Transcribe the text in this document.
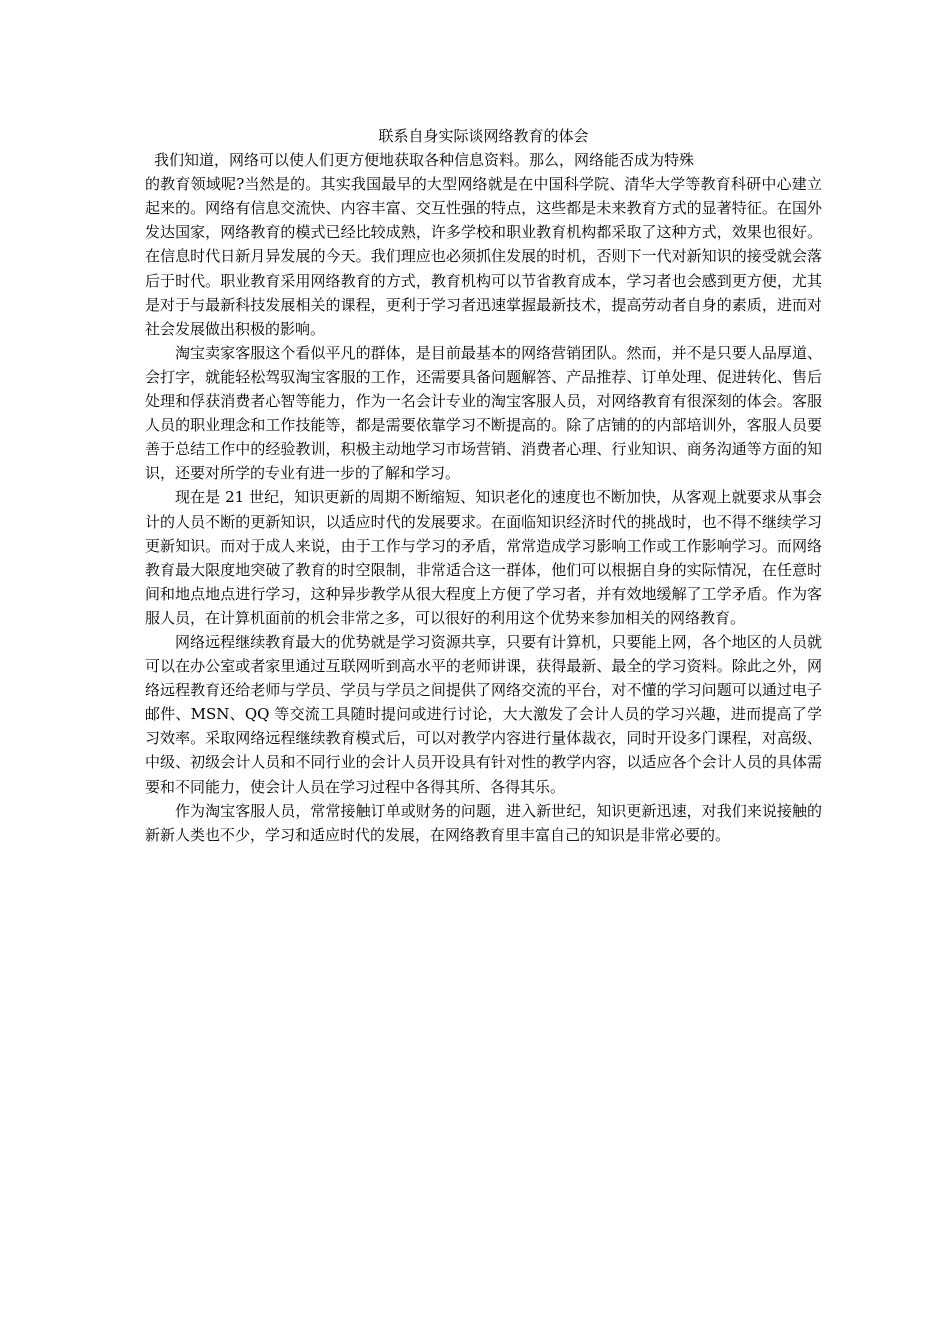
联系自身实际谈网络教育的体会

我们知道，网络可以使人们更方便地获取各种信息资料。那么，网络能否成为特殊
的教育领域呢?当然是的。其实我国最早的大型网络就是在中国科学院、清华大学等教育科研中心建立起来的。网络有信息交流快、内容丰富、交互性强的特点，这些都是未来教育方式的显著特征。在国外发达国家，网络教育的模式已经比较成熟，许多学校和职业教育机构都采取了这种方式，效果也很好。在信息时代日新月异发展的今天。我们理应也必须抓住发展的时机，否则下一代对新知识的接受就会落后于时代。职业教育采用网络教育的方式，教育机构可以节省教育成本，学习者也会感到更方便，尤其是对于与最新科技发展相关的课程，更利于学习者迅速掌握最新技术，提高劳动者自身的素质，进而对社会发展做出积极的影响。

淘宝卖家客服这个看似平凡的群体，是目前最基本的网络营销团队。然而，并不是只要人品厚道、会打字，就能轻松驾驭淘宝客服的工作，还需要具备问题解答、产品推荐、订单处理、促进转化、售后处理和俘获消费者心智等能力，作为一名会计专业的淘宝客服人员，对网络教育有很深刻的体会。客服人员的职业理念和工作技能等，都是需要依靠学习不断提高的。除了店铺的的内部培训外，客服人员要善于总结工作中的经验教训，积极主动地学习市场营销、消费者心理、行业知识、商务沟通等方面的知识，还要对所学的专业有进一步的了解和学习。

现在是 21 世纪，知识更新的周期不断缩短、知识老化的速度也不断加快，从客观上就要求从事会计的人员不断的更新知识，以适应时代的发展要求。在面临知识经济时代的挑战时，也不得不继续学习更新知识。而对于成人来说，由于工作与学习的矛盾，常常造成学习影响工作或工作影响学习。而网络教育最大限度地突破了教育的时空限制，非常适合这一群体，他们可以根据自身的实际情况，在任意时间和地点地点进行学习，这种异步教学从很大程度上方便了学习者，并有效地缓解了工学矛盾。作为客服人员，在计算机面前的机会非常之多，可以很好的利用这个优势来参加相关的网络教育。

网络远程继续教育最大的优势就是学习资源共享，只要有计算机，只要能上网，各个地区的人员就可以在办公室或者家里通过互联网听到高水平的老师讲课，获得最新、最全的学习资料。除此之外，网络远程教育还给老师与学员、学员与学员之间提供了网络交流的平台，对不懂的学习问题可以通过电子邮件、MSN、QQ 等交流工具随时提问或进行讨论，大大激发了会计人员的学习兴趣，进而提高了学习效率。采取网络远程继续教育模式后，可以对教学内容进行量体裁衣，同时开设多门课程，对高级、中级、初级会计人员和不同行业的会计人员开设具有针对性的教学内容，以适应各个会计人员的具体需要和不同能力，使会计人员在学习过程中各得其所、各得其乐。

作为淘宝客服人员，常常接触订单或财务的问题，进入新世纪，知识更新迅速，对我们来说接触的新新人类也不少，学习和适应时代的发展，在网络教育里丰富自己的知识是非常必要的。
